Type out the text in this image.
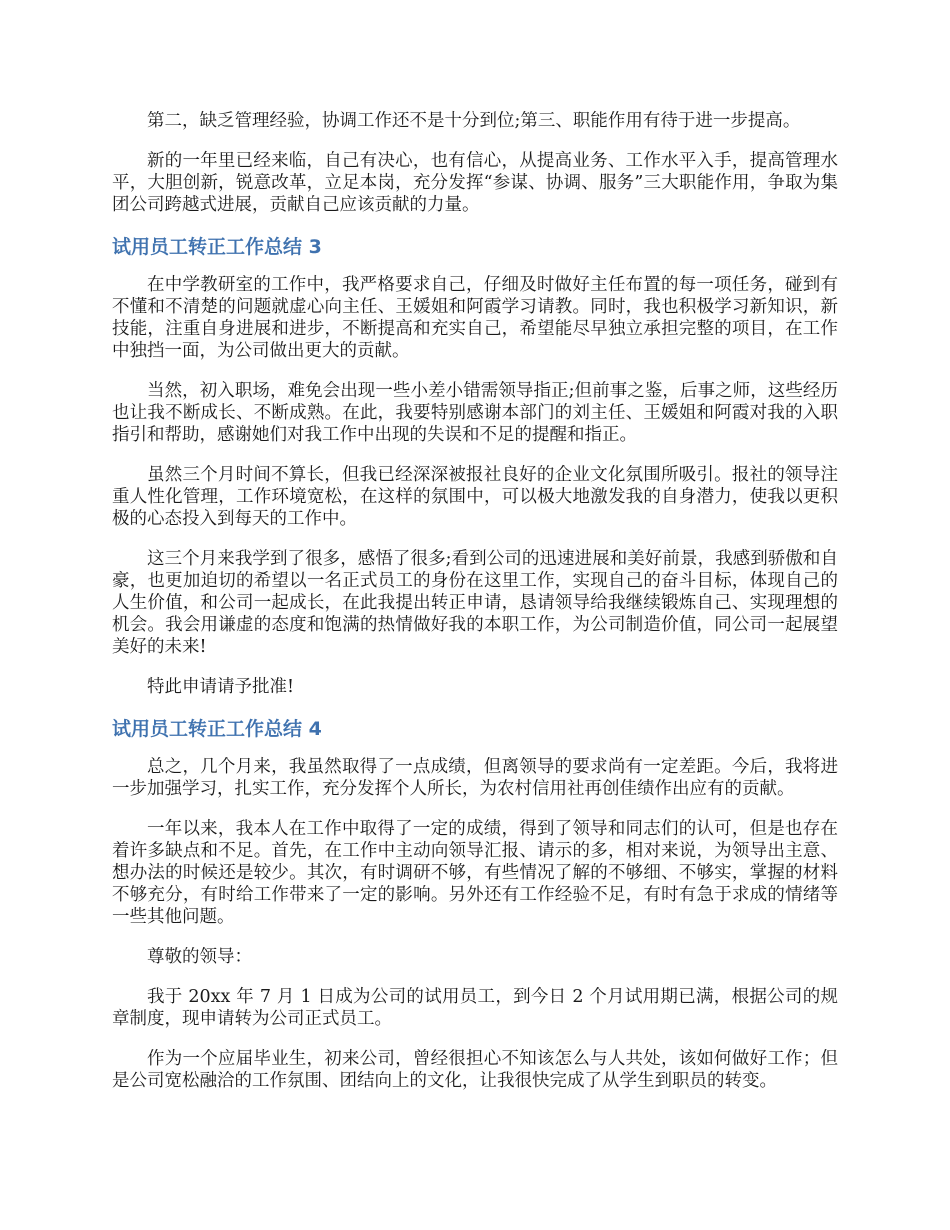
第二，缺乏管理经验，协调工作还不是十分到位;第三、职能作用有待于进一步提高。

新的一年里已经来临，自己有决心，也有信心，从提高业务、工作水平入手，提高管理水平，大胆创新，锐意改革，立足本岗，充分发挥“参谋、协调、服务”三大职能作用，争取为集团公司跨越式进展，贡献自己应该贡献的力量。

试用员工转正工作总结 3

在中学教研室的工作中，我严格要求自己，仔细及时做好主任布置的每一项任务，碰到有不懂和不清楚的问题就虚心向主任、王媛姐和阿霞学习请教。同时，我也积极学习新知识，新技能，注重自身进展和进步，不断提高和充实自己，希望能尽早独立承担完整的项目，在工作中独挡一面，为公司做出更大的贡献。

当然，初入职场，难免会出现一些小差小错需领导指正;但前事之鉴，后事之师，这些经历也让我不断成长、不断成熟。在此，我要特别感谢本部门的刘主任、王媛姐和阿霞对我的入职指引和帮助，感谢她们对我工作中出现的失误和不足的提醒和指正。

虽然三个月时间不算长，但我已经深深被报社良好的企业文化氛围所吸引。报社的领导注重人性化管理，工作环境宽松，在这样的氛围中，可以极大地激发我的自身潜力，使我以更积极的心态投入到每天的工作中。

这三个月来我学到了很多，感悟了很多;看到公司的迅速进展和美好前景，我感到骄傲和自豪，也更加迫切的希望以一名正式员工的身份在这里工作，实现自己的奋斗目标，体现自己的人生价值，和公司一起成长，在此我提出转正申请，恳请领导给我继续锻炼自己、实现理想的机会。我会用谦虚的态度和饱满的热情做好我的本职工作，为公司制造价值，同公司一起展望美好的未来!

特此申请请予批准!

试用员工转正工作总结 4

总之，几个月来，我虽然取得了一点成绩，但离领导的要求尚有一定差距。今后，我将进一步加强学习，扎实工作，充分发挥个人所长，为农村信用社再创佳绩作出应有的贡献。

一年以来，我本人在工作中取得了一定的成绩，得到了领导和同志们的认可，但是也存在着许多缺点和不足。首先，在工作中主动向领导汇报、请示的多，相对来说，为领导出主意、想办法的时候还是较少。其次，有时调研不够，有些情况了解的不够细、不够实，掌握的材料不够充分，有时给工作带来了一定的影响。另外还有工作经验不足，有时有急于求成的情绪等一些其他问题。

尊敬的领导：

我于 20xx 年 7 月 1 日成为公司的试用员工，到今日 2 个月试用期已满，根据公司的规章制度，现申请转为公司正式员工。

作为一个应届毕业生，初来公司，曾经很担心不知该怎么与人共处，该如何做好工作；但是公司宽松融洽的工作氛围、团结向上的文化，让我很快完成了从学生到职员的转变。
